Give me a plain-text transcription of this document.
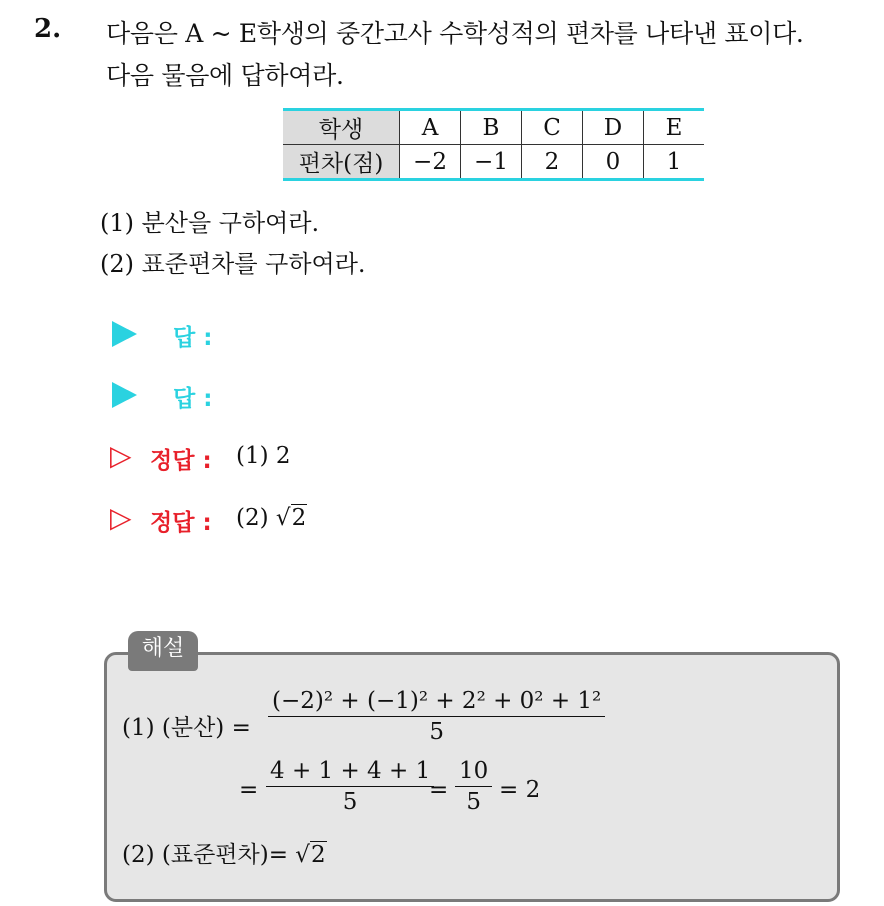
2. 다음은 A ~ E학생의 중간고사 수학성적의 편차를 나타낸 표이다.
다음 물음에 답하여라.
학생	A	B	C	D	E
편차(점)	−2	−1	2	0	1
(1) 분산을 구하여라.
(2) 표준편차를 구하여라.
답 :
답 :
▷ 정답 : (1) 2
▷ 정답 : (2) √2
해설
(1) (분산) = $\frac{\text{(−2)² + (−1)² + 2² + 0² + 1²}}{5}$
= $\frac{4 + 1 + 4 + 1}{5}$
= $\frac{10}{5} = 2$
(2) (표준편차)= √2
